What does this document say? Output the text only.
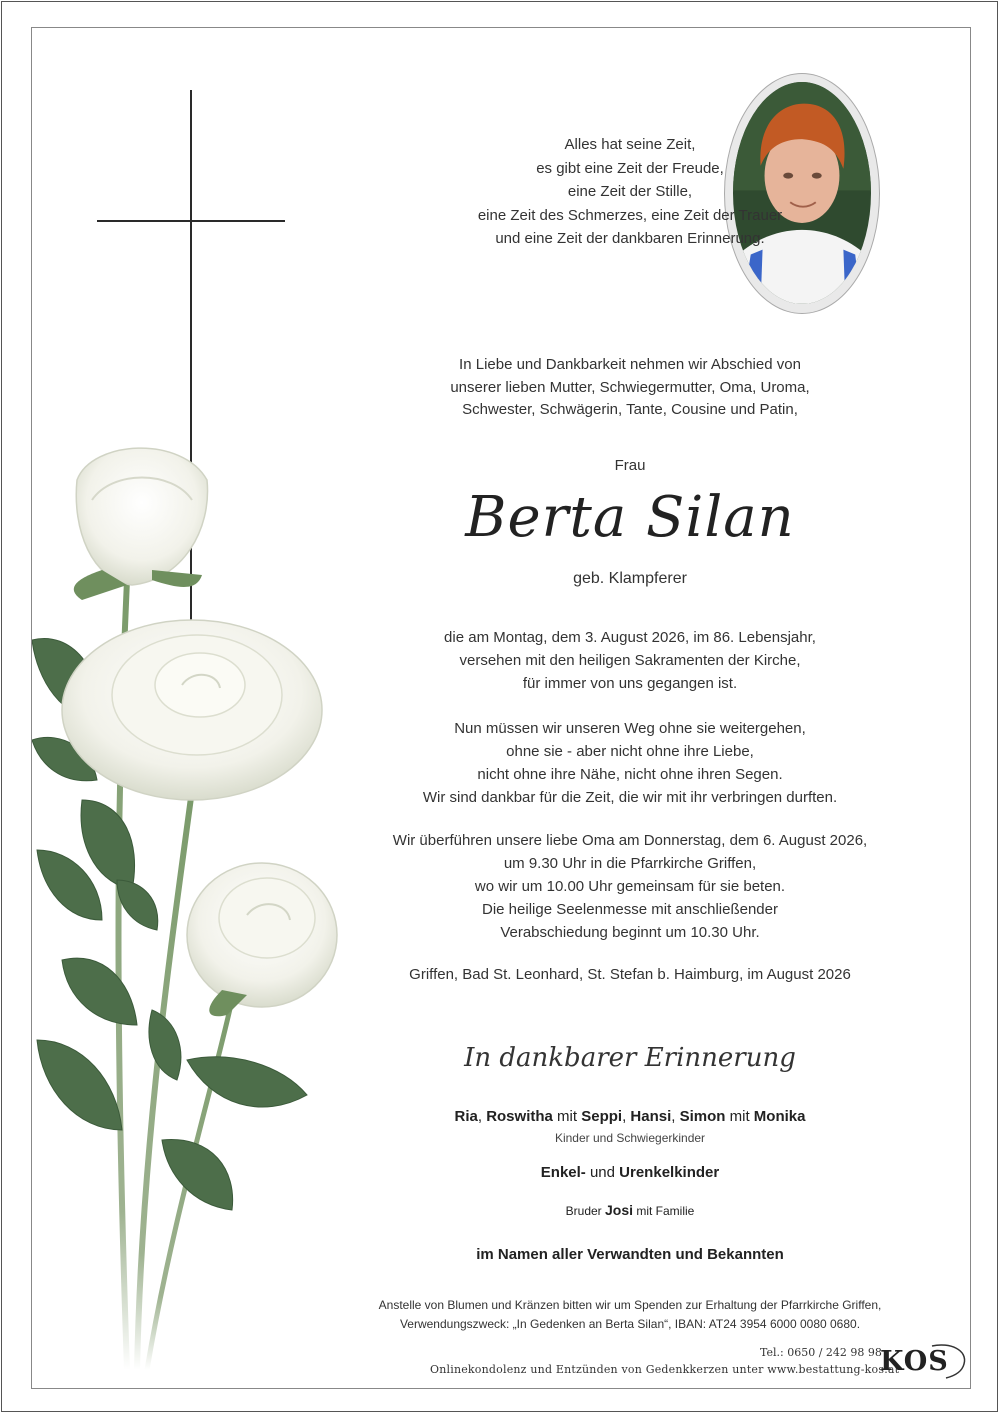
Alles hat seine Zeit,
es gibt eine Zeit der Freude,
eine Zeit der Stille,
eine Zeit des Schmerzes, eine Zeit der Trauer
und eine Zeit der dankbaren Erinnerung.
In Liebe und Dankbarkeit nehmen wir Abschied von
unserer lieben Mutter, Schwiegermutter, Oma, Uroma,
Schwester, Schwägerin, Tante, Cousine und Patin,
Frau
Berta Silan
geb. Klampferer
die am Montag, dem 3. August 2026, im 86. Lebensjahr,
versehen mit den heiligen Sakramenten der Kirche,
für immer von uns gegangen ist.
Nun müssen wir unseren Weg ohne sie weitergehen,
ohne sie - aber nicht ohne ihre Liebe,
nicht ohne ihre Nähe, nicht ohne ihren Segen.
Wir sind dankbar für die Zeit, die wir mit ihr verbringen durften.
Wir überführen unsere liebe Oma am Donnerstag, dem 6. August 2026,
um 9.30 Uhr in die Pfarrkirche Griffen,
wo wir um 10.00 Uhr gemeinsam für sie beten.
Die heilige Seelenmesse mit anschließender
Verabschiedung beginnt um 10.30 Uhr.
Griffen, Bad St. Leonhard, St. Stefan b. Haimburg, im August 2026
In dankbarer Erinnerung
Ria, Roswitha mit Seppi, Hansi, Simon mit Monika
Kinder und Schwiegerkinder
Enkel- und Urenkelkinder
Bruder Josi mit Familie
im Namen aller Verwandten und Bekannten
Anstelle von Blumen und Kränzen bitten wir um Spenden zur Erhaltung der Pfarrkirche Griffen,
Verwendungszweck: „In Gedenken an Berta Silan“, IBAN: AT24 3954 6000 0080 0680.
Tel.: 0650 / 242 98 98
Onlinekondolenz und Entzünden von Gedenkkerzen unter www.bestattung-kos.at
KOS
